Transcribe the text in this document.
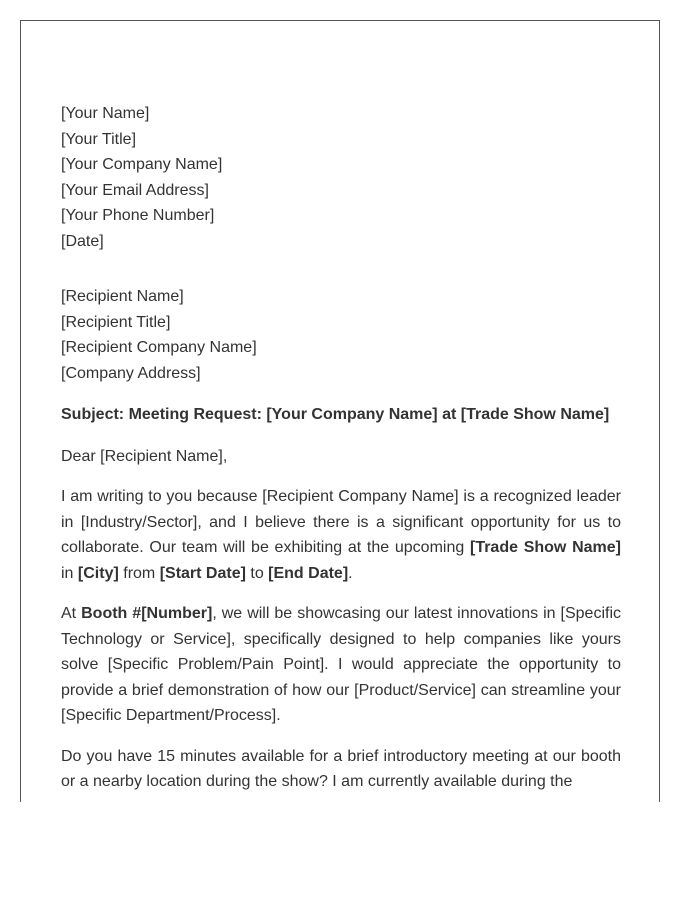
[Your Name]
[Your Title]
[Your Company Name]
[Your Email Address]
[Your Phone Number]
[Date]
[Recipient Name]
[Recipient Title]
[Recipient Company Name]
[Company Address]
Subject: Meeting Request: [Your Company Name] at [Trade Show Name]
Dear [Recipient Name],

I am writing to you because [Recipient Company Name] is a recognized leader in [Industry/Sector], and I believe there is a significant opportunity for us to collaborate. Our team will be exhibiting at the upcoming [Trade Show Name] in [City] from [Start Date] to [End Date].

At Booth #[Number], we will be showcasing our latest innovations in [Specific Technology or Service], specifically designed to help companies like yours solve [Specific Problem/Pain Point]. I would appreciate the opportunity to provide a brief demonstration of how our [Product/Service] can streamline your [Specific Department/Process].

Do you have 15 minutes available for a brief introductory meeting at our booth or a nearby location during the show? I am currently available during the
